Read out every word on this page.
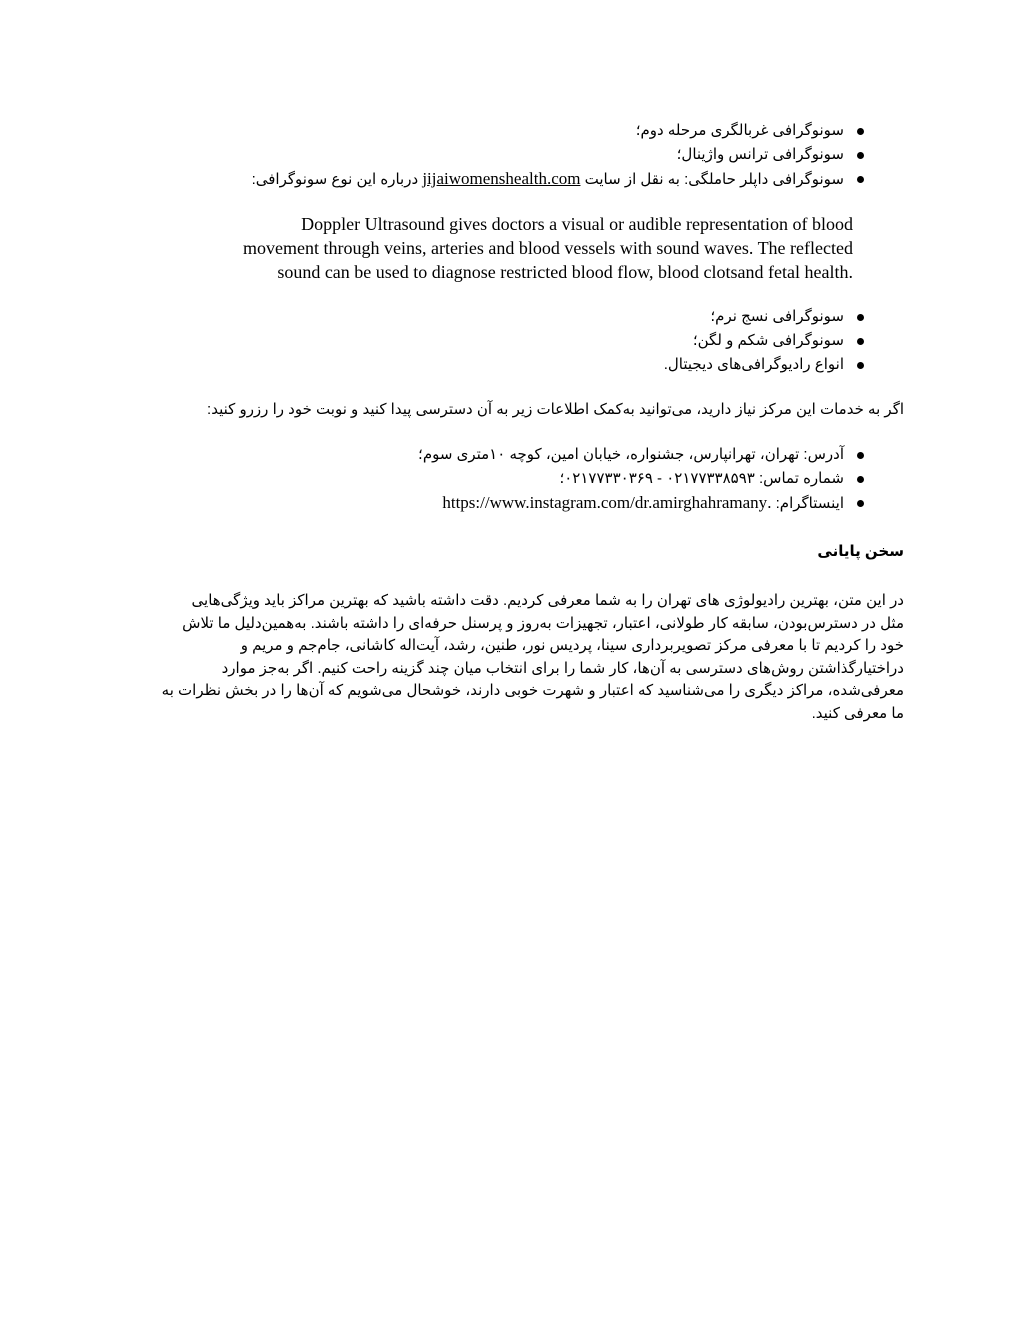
سونوگرافی غربالگری مرحله دوم؛
سونوگرافی ترانس واژینال؛
سونوگرافی داپلر حاملگی: به نقل از سایت jijaiwomenshealth.com درباره این نوع سونوگرافی:
Doppler Ultrasound gives doctors a visual or audible representation of blood
movement through veins, arteries and blood vessels with sound waves. The reflected
.sound can be used to diagnose restricted blood flow, blood clotsand fetal health
سونوگرافی نسج نرم؛
سونوگرافی شکم و لگن؛
انواع رادیوگرافی‌های دیجیتال.
اگر به خدمات این مرکز نیاز دارید، می‌توانید به‌کمک اطلاعات زیر به آن دسترسی پیدا کنید و نوبت خود را رزرو کنید:
آدرس: تهران، تهرانپارس، جشنواره، خیابان امین، کوچه ۱۰متری سوم؛
شماره تماس: ۰۲۱۷۷۳۳۸۵۹۳ - ۰۲۱۷۷۳۳۰۳۶۹؛
اینستاگرام: .https://www.instagram.com/dr.amirghahramany
سخن پایانی
در این متن، بهترین رادیولوژی های تهران را به شما معرفی کردیم. دقت داشته باشید که بهترین مراکز باید ویژگی‌هایی
مثل در دسترس‌بودن، سابقه کار طولانی، اعتبار، تجهیزات به‌روز و پرسنل حرفه‌ای را داشته باشند. به‌همین‌دلیل ما تلاش
خود را کردیم تا با معرفی مرکز تصویربرداری سینا، پردیس نور، طنین، رشد، آیت‌اله کاشانی، جام‌جم و مریم و
دراختیارگذاشتن روش‌های دسترسی به آن‌ها، کار شما را برای انتخاب میان چند گزینه راحت کنیم. اگر به‌جز موارد
معرفی‌شده، مراکز دیگری را می‌شناسید که اعتبار و شهرت خوبی دارند، خوشحال می‌شویم که آن‌ها را در بخش نظرات به
ما معرفی کنید.
